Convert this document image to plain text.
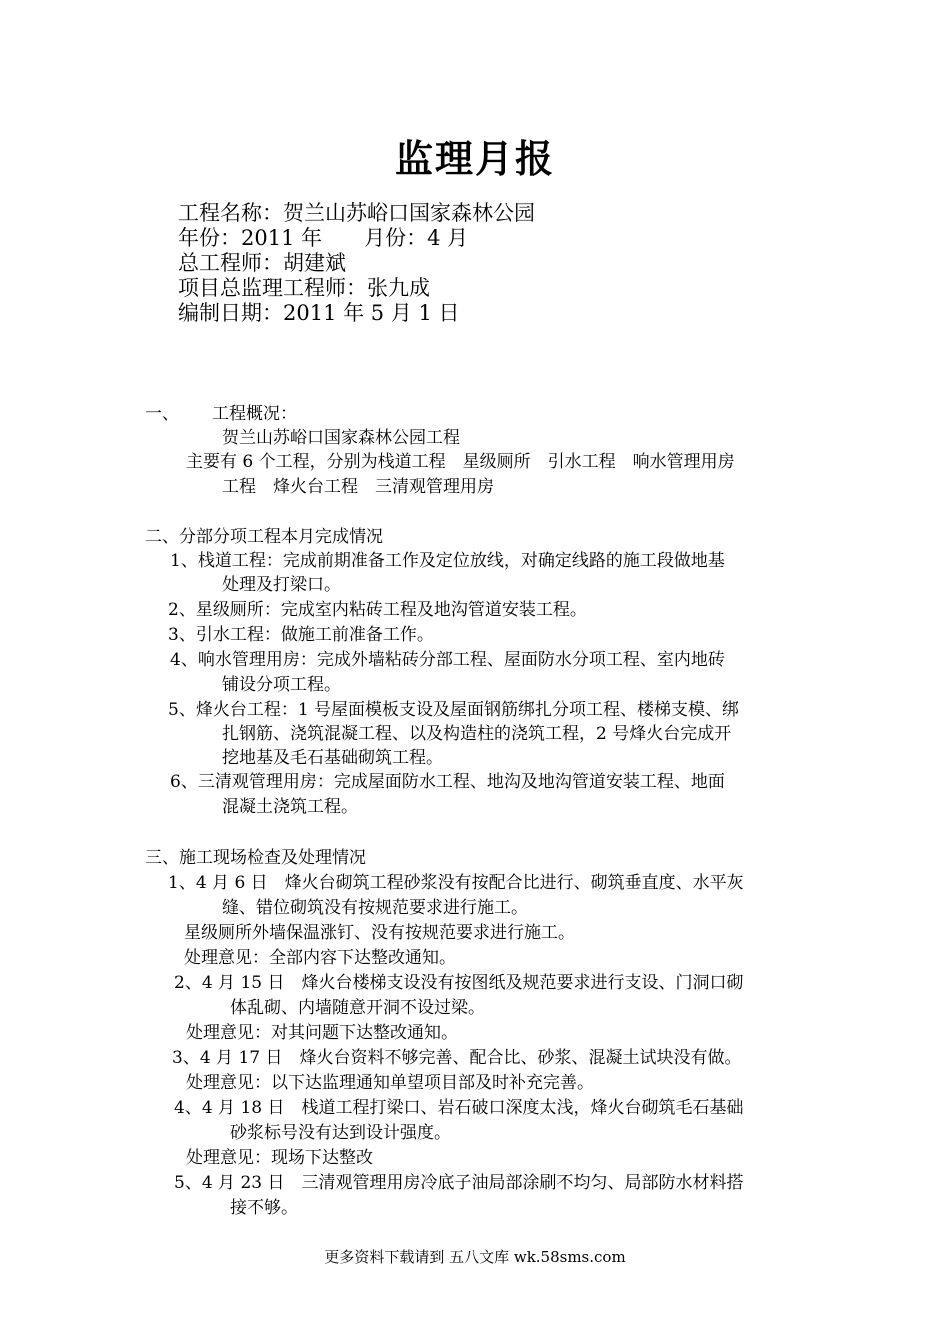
监理月报
工程名称：贺兰山苏峪口国家森林公园
年份：2011 年　　月份：4 月
总工程师：胡建斌
项目总监理工程师：张九成
编制日期：2011 年 5 月 1 日
一、 工程概况：
贺兰山苏峪口国家森林公园工程
主要有 6 个工程，分别为栈道工程　星级厕所　引水工程　响水管理用房
工程　烽火台工程　三清观管理用房
二、分部分项工程本月完成情况
1、栈道工程：完成前期准备工作及定位放线，对确定线路的施工段做地基
处理及打梁口。
2、星级厕所：完成室内粘砖工程及地沟管道安装工程。
3、引水工程：做施工前准备工作。
4、响水管理用房：完成外墙粘砖分部工程、屋面防水分项工程、室内地砖
铺设分项工程。
5、烽火台工程：1 号屋面模板支设及屋面钢筋绑扎分项工程、楼梯支模、绑
扎钢筋、浇筑混凝工程、以及构造柱的浇筑工程，2 号烽火台完成开
挖地基及毛石基础砌筑工程。
6、三清观管理用房：完成屋面防水工程、地沟及地沟管道安装工程、地面
混凝土浇筑工程。
三、施工现场检查及处理情况
1、4 月 6 日　烽火台砌筑工程砂浆没有按配合比进行、砌筑垂直度、水平灰
缝、错位砌筑没有按规范要求进行施工。
星级厕所外墙保温涨钉、没有按规范要求进行施工。
处理意见：全部内容下达整改通知。
2、4 月 15 日　烽火台楼梯支设没有按图纸及规范要求进行支设、门洞口砌
体乱砌、内墙随意开洞不设过梁。
处理意见：对其问题下达整改通知。
3、4 月 17 日　烽火台资料不够完善、配合比、砂浆、混凝土试块没有做。
处理意见：以下达监理通知单望项目部及时补充完善。
4、4 月 18 日　栈道工程打梁口、岩石破口深度太浅，烽火台砌筑毛石基础
砂浆标号没有达到设计强度。
处理意见：现场下达整改
5、4 月 23 日　三清观管理用房冷底子油局部涂刷不均匀、局部防水材料搭
接不够。
更多资料下载请到 五八文库 wk.58sms.com
